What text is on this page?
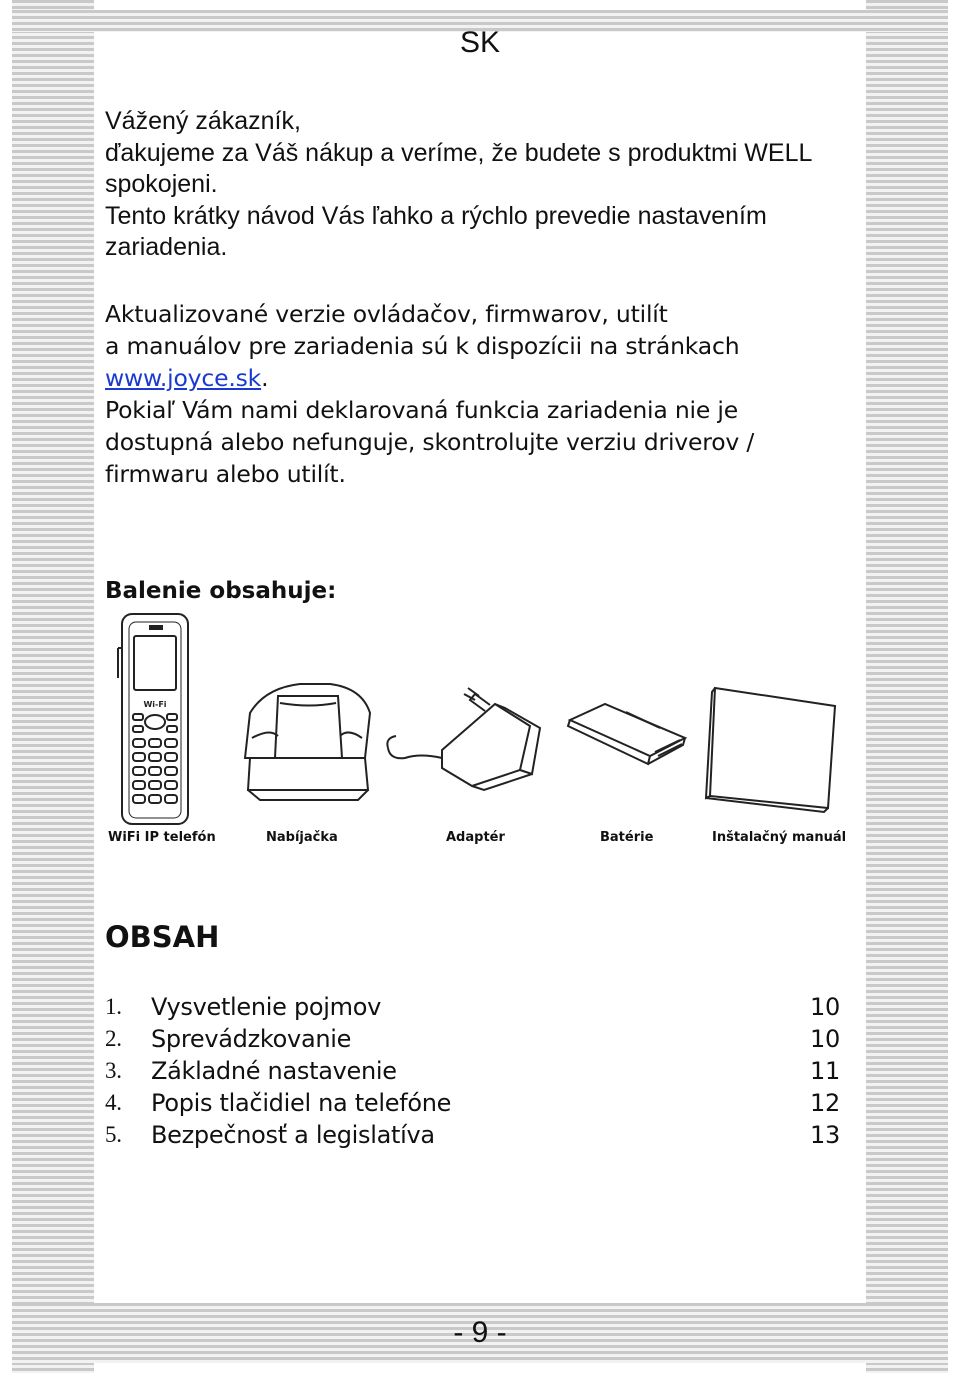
SK

Vážený zákazník,

ďakujeme za Váš nákup a veríme, že budete s produktmi WELL

spokojeni.

Tento krátky návod Vás ľahko a rýchlo prevedie nastavením

zariadenia.

Aktualizované verzie ovládačov, firmwarov, utilít
a manuálov pre zariadenia sú k dispozícii na stránkach
www.joyce.sk.
Pokiaľ Vám nami deklarovaná funkcia zariadenia nie je
dostupná alebo nefunguje, skontrolujte verziu driverov /
firmwaru alebo utilít.
Balenie obsahuje:
Wi-Fi
WiFi IP telefón	Nabíjačka	Adaptér	Batérie	Inštalačný manuál
OBSAH
1.	Vysvetlenie pojmov	10
2.	Sprevádzkovanie	10
3.	Základné nastavenie	11
4.	Popis tlačidiel na telefóne	12
5.	Bezpečnosť a legislatíva	13
- 9 -
